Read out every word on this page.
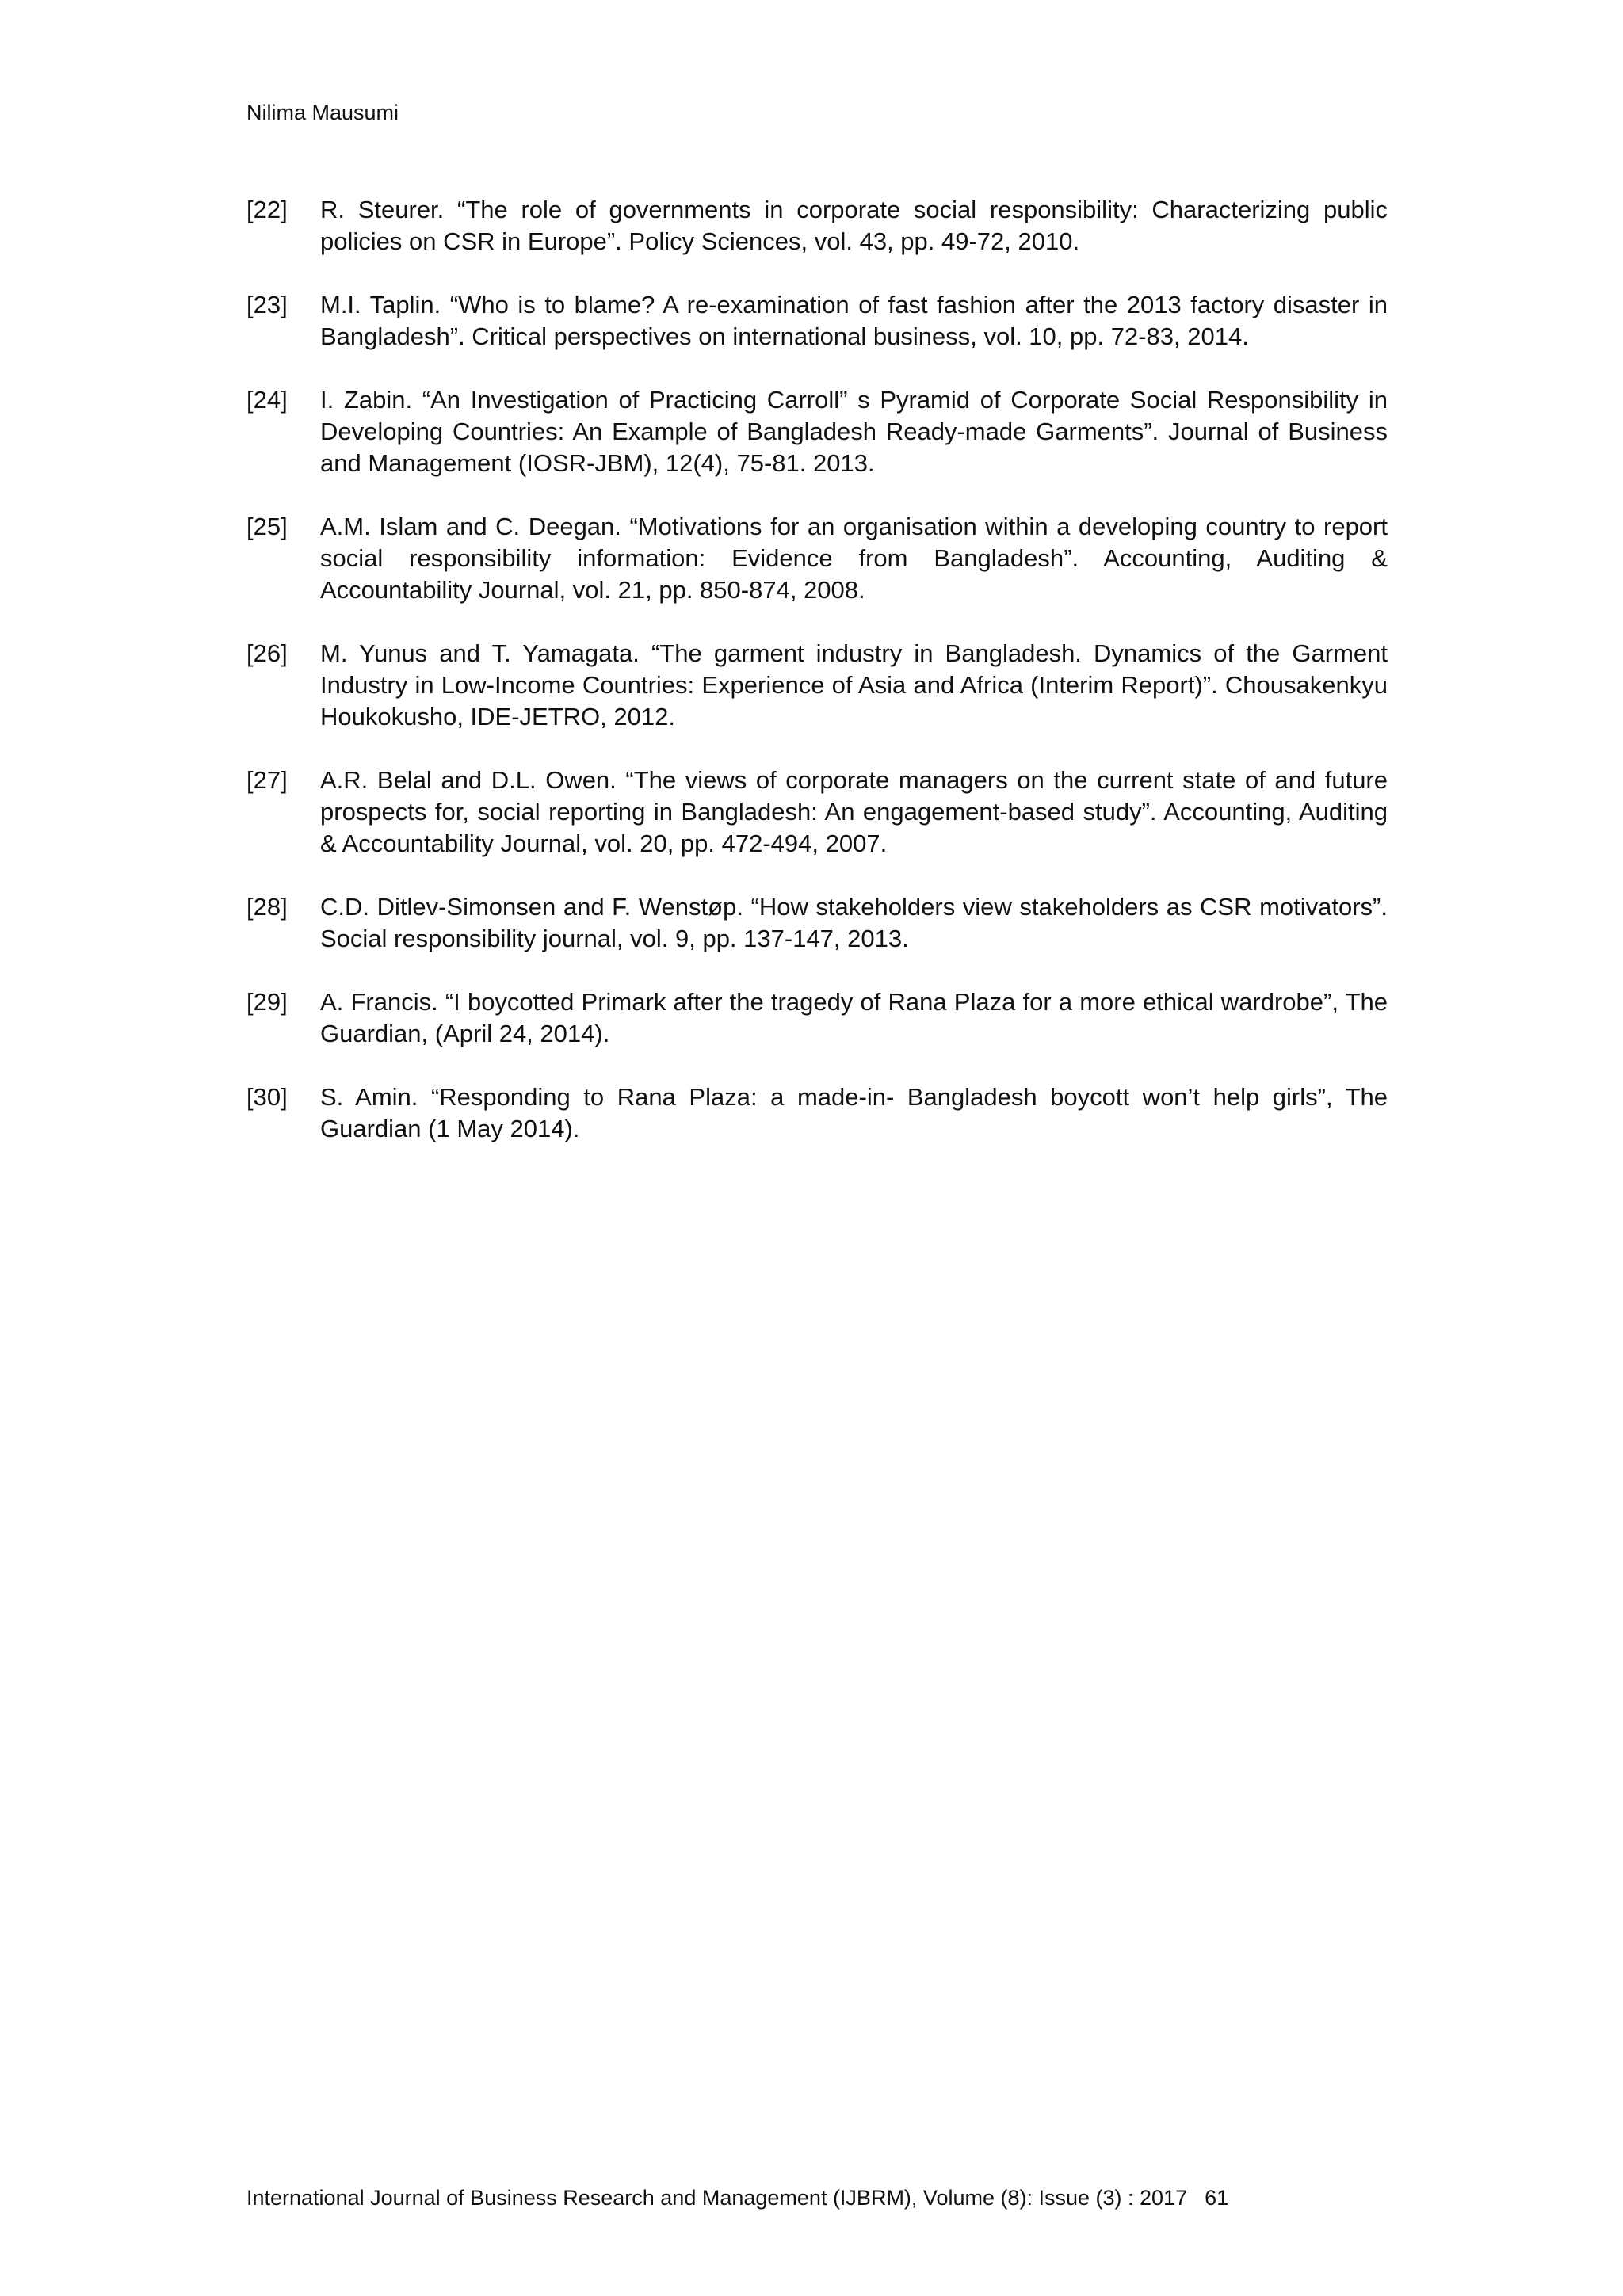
Nilima Mausumi
[22] R. Steurer. “The role of governments in corporate social responsibility: Characterizing public policies on CSR in Europe”. Policy Sciences, vol. 43, pp. 49-72, 2010.
[23] M.I. Taplin. “Who is to blame? A re-examination of fast fashion after the 2013 factory disaster in Bangladesh”. Critical perspectives on international business, vol. 10, pp. 72-83, 2014.
[24] I. Zabin. “An Investigation of Practicing Carroll” s Pyramid of Corporate Social Responsibility in Developing Countries: An Example of Bangladesh Ready-made Garments”. Journal of Business and Management (IOSR-JBM), 12(4), 75-81. 2013.
[25] A.M. Islam and C. Deegan. “Motivations for an organisation within a developing country to report social responsibility information: Evidence from Bangladesh”. Accounting, Auditing & Accountability Journal, vol. 21, pp. 850-874, 2008.
[26] M. Yunus and T. Yamagata. “The garment industry in Bangladesh. Dynamics of the Garment Industry in Low-Income Countries: Experience of Asia and Africa (Interim Report)”. Chousakenkyu Houkokusho, IDE-JETRO, 2012.
[27] A.R. Belal and D.L. Owen. “The views of corporate managers on the current state of and future prospects for, social reporting in Bangladesh: An engagement-based study”. Accounting, Auditing & Accountability Journal, vol. 20, pp. 472-494, 2007.
[28] C.D. Ditlev-Simonsen and F. Wenstøp. “How stakeholders view stakeholders as CSR motivators”. Social responsibility journal, vol. 9, pp. 137-147, 2013.
[29] A. Francis. “I boycotted Primark after the tragedy of Rana Plaza for a more ethical wardrobe”, The Guardian, (April 24, 2014).
[30] S. Amin. “Responding to Rana Plaza: a made-in- Bangladesh boycott won’t help girls”, The Guardian (1 May 2014).
International Journal of Business Research and Management (IJBRM), Volume (8): Issue (3) : 2017 61
